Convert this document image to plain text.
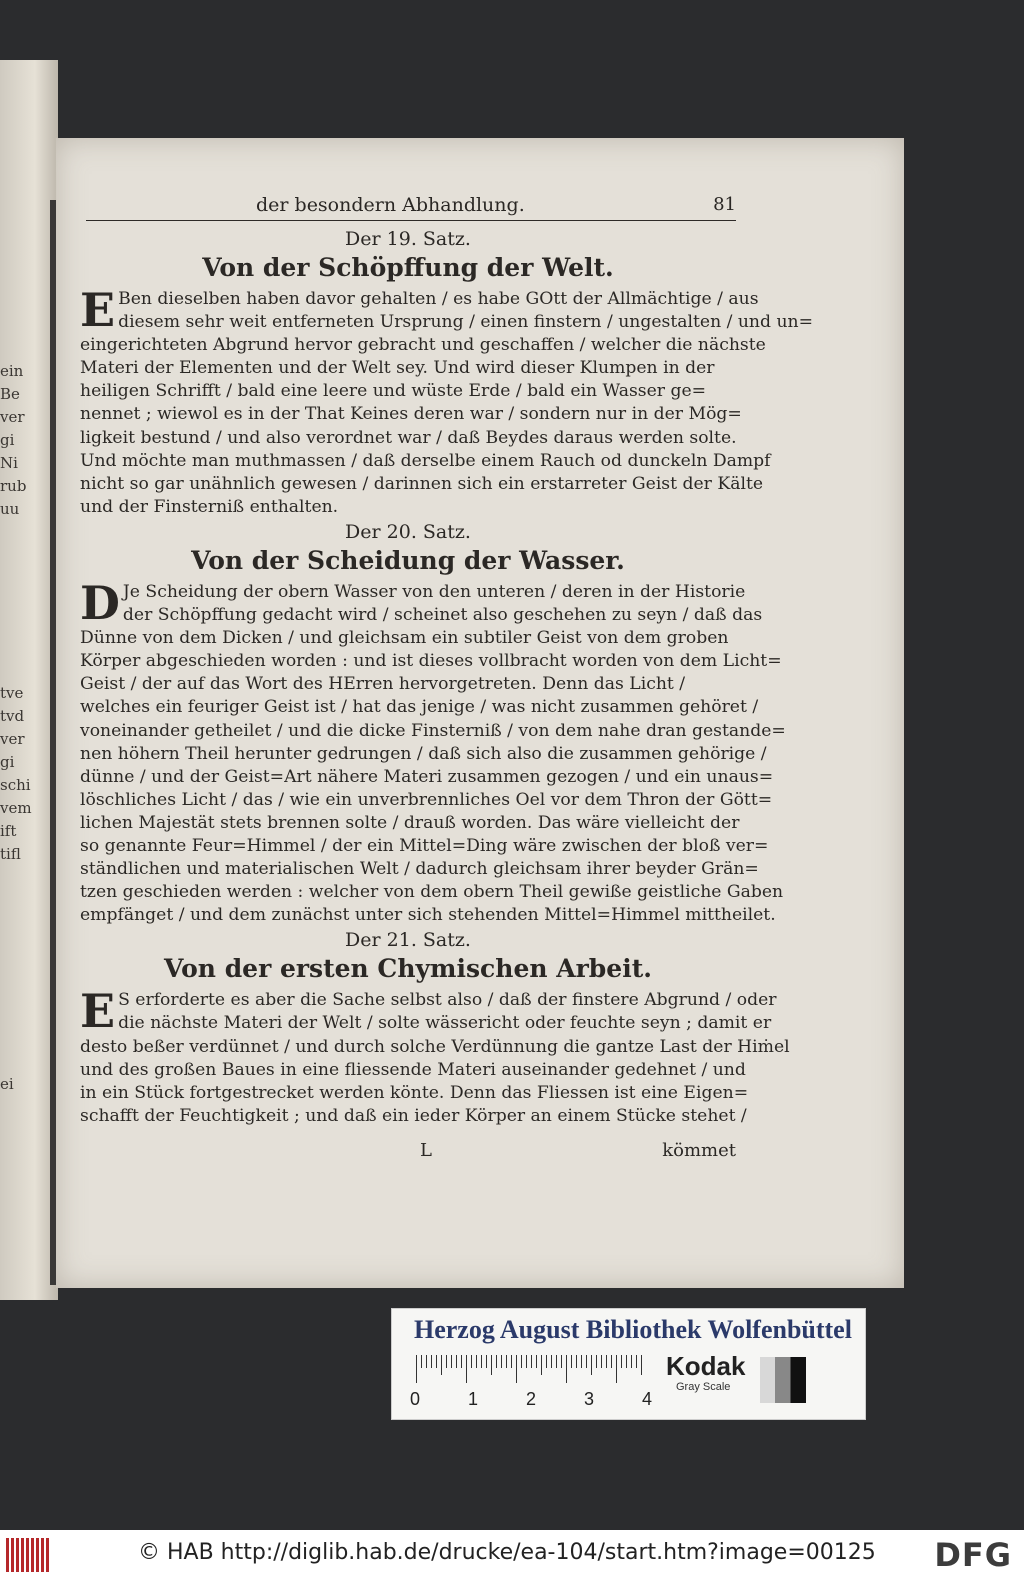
ein
Be
ver
gi
Ni
rub
uu
tve
tvd
ver
gi
schi
vem
ift
tifl
ei
der besondern Abhandlung.	81
Der 19. Satz.
Von der Schöpffung der Welt.
E Ben dieselben haben davor gehalten / es habe GOtt der Allmächtige / aus
diesem sehr weit entferneten Ursprung / einen finstern / ungestalten / und un=
eingerichteten Abgrund hervor gebracht und geschaffen / welcher die nächste
Materi der Elementen und der Welt sey. Und wird dieser Klumpen in der
heiligen Schrifft / bald eine leere und wüste Erde / bald ein Wasser ge=
nennet ; wiewol es in der That Keines deren war / sondern nur in der Mög=
ligkeit bestund / und also verordnet war / daß Beydes daraus werden solte.
Und möchte man muthmassen / daß derselbe einem Rauch od dunckeln Dampf
nicht so gar unähnlich gewesen / darinnen sich ein erstarreter Geist der Kälte
und der Finsterniß enthalten.
Der 20. Satz.
Von der Scheidung der Wasser.
D Je Scheidung der obern Wasser von den unteren / deren in der Historie
der Schöpffung gedacht wird / scheinet also geschehen zu seyn / daß das
Dünne von dem Dicken / und gleichsam ein subtiler Geist von dem groben
Körper abgeschieden worden : und ist dieses vollbracht worden von dem Licht=
Geist / der auf das Wort des HErren hervorgetreten. Denn das Licht /
welches ein feuriger Geist ist / hat das jenige / was nicht zusammen gehöret /
voneinander getheilet / und die dicke Finsterniß / von dem nahe dran gestande=
nen höhern Theil herunter gedrungen / daß sich also die zusammen gehörige /
dünne / und der Geist=Art nähere Materi zusammen gezogen / und ein unaus=
löschliches Licht / das / wie ein unverbrennliches Oel vor dem Thron der Gött=
lichen Majestät stets brennen solte / drauß worden. Das wäre vielleicht der
so genannte Feur=Himmel / der ein Mittel=Ding wäre zwischen der bloß ver=
ständlichen und materialischen Welt / dadurch gleichsam ihrer beyder Grän=
tzen geschieden werden : welcher von dem obern Theil gewiße geistliche Gaben
empfänget / und dem zunächst unter sich stehenden Mittel=Himmel mittheilet.
Der 21. Satz.
Von der ersten Chymischen Arbeit.
E S erforderte es aber die Sache selbst also / daß der finstere Abgrund / oder
die nächste Materi der Welt / solte wässericht oder feuchte seyn ; damit er
desto beßer verdünnet / und durch solche Verdünnung die gantze Last der Hiṁel
und des großen Baues in eine fliessende Materi auseinander gedehnet / und
in ein Stück fortgestrecket werden könte. Denn das Fliessen ist eine Eigen=
schafft der Feuchtigkeit ; und daß ein ieder Körper an einem Stücke stehet /
L	kömmet
Herzog August Bibliothek Wolfenbüttel
0	1	2	3	4
Kodak
Gray Scale
© HAB http://diglib.hab.de/drucke/ea-104/start.htm?image=00125 DFG
